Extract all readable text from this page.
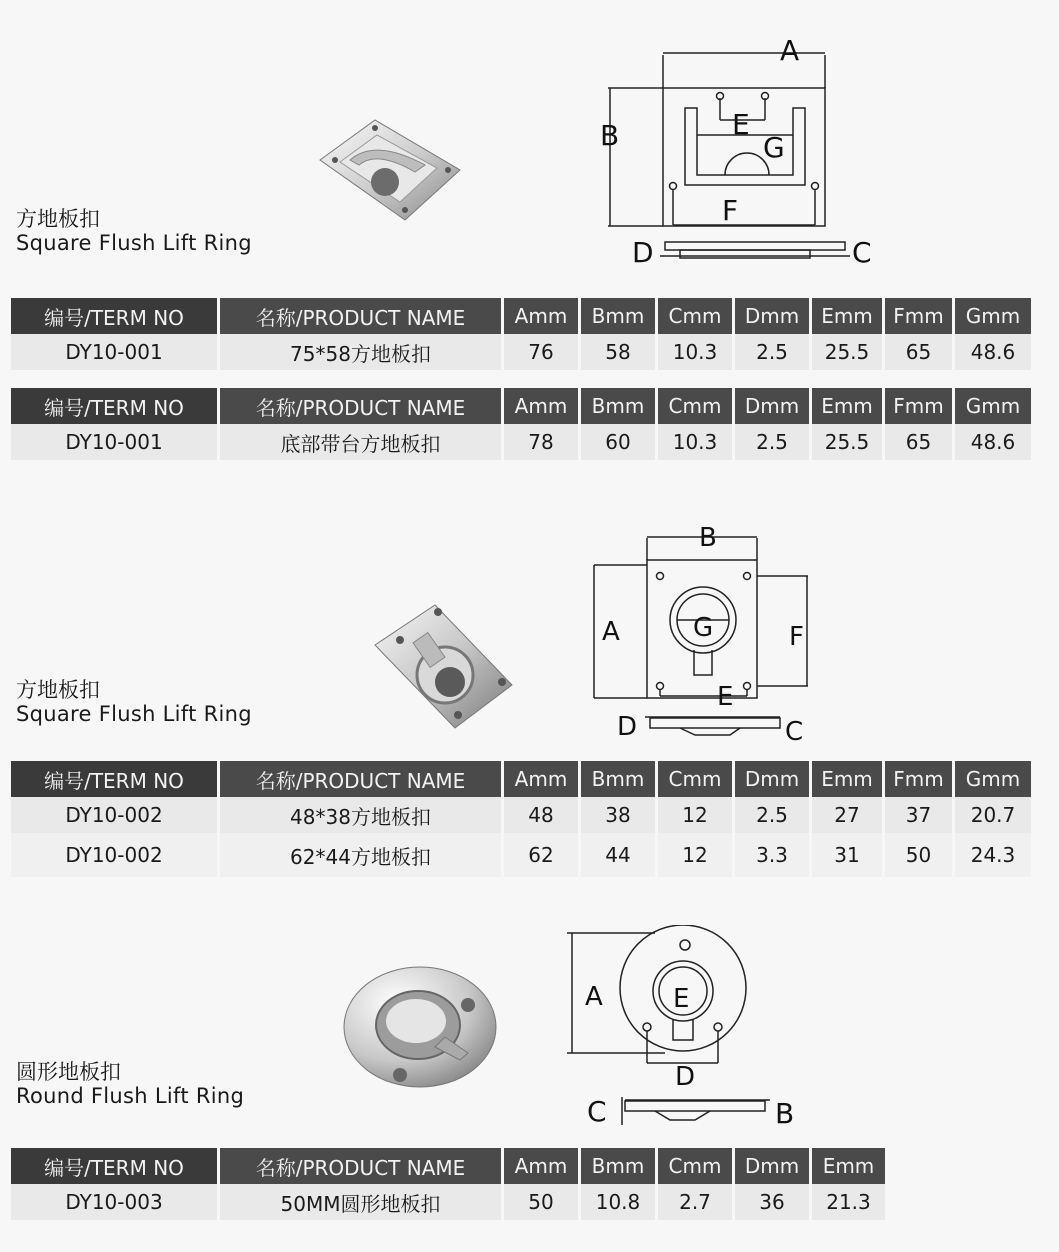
方地板扣
Square Flush Lift Ring
A
B
C
D
E
F
G
编号/TERM NO	名称/PRODUCT NAME	Amm	Bmm	Cmm	Dmm	Emm	Fmm	Gmm
DY10-001	75*58方地板扣	76	58	10.3	2.5	25.5	65	48.6
编号/TERM NO	名称/PRODUCT NAME	Amm	Bmm	Cmm	Dmm	Emm	Fmm	Gmm
DY10-001	底部带台方地板扣	78	60	10.3	2.5	25.5	65	48.6
方地板扣
Square Flush Lift Ring
A
B
C
D
E
F
G
编号/TERM NO	名称/PRODUCT NAME	Amm	Bmm	Cmm	Dmm	Emm	Fmm	Gmm
DY10-002	48*38方地板扣	48	38	12	2.5	27	37	20.7
DY10-002	62*44方地板扣	62	44	12	3.3	31	50	24.3
圆形地板扣
Round Flush Lift Ring
A
B
C
D
E
编号/TERM NO	名称/PRODUCT NAME	Amm	Bmm	Cmm	Dmm	Emm
DY10-003	50MM圆形地板扣	50	10.8	2.7	36	21.3
